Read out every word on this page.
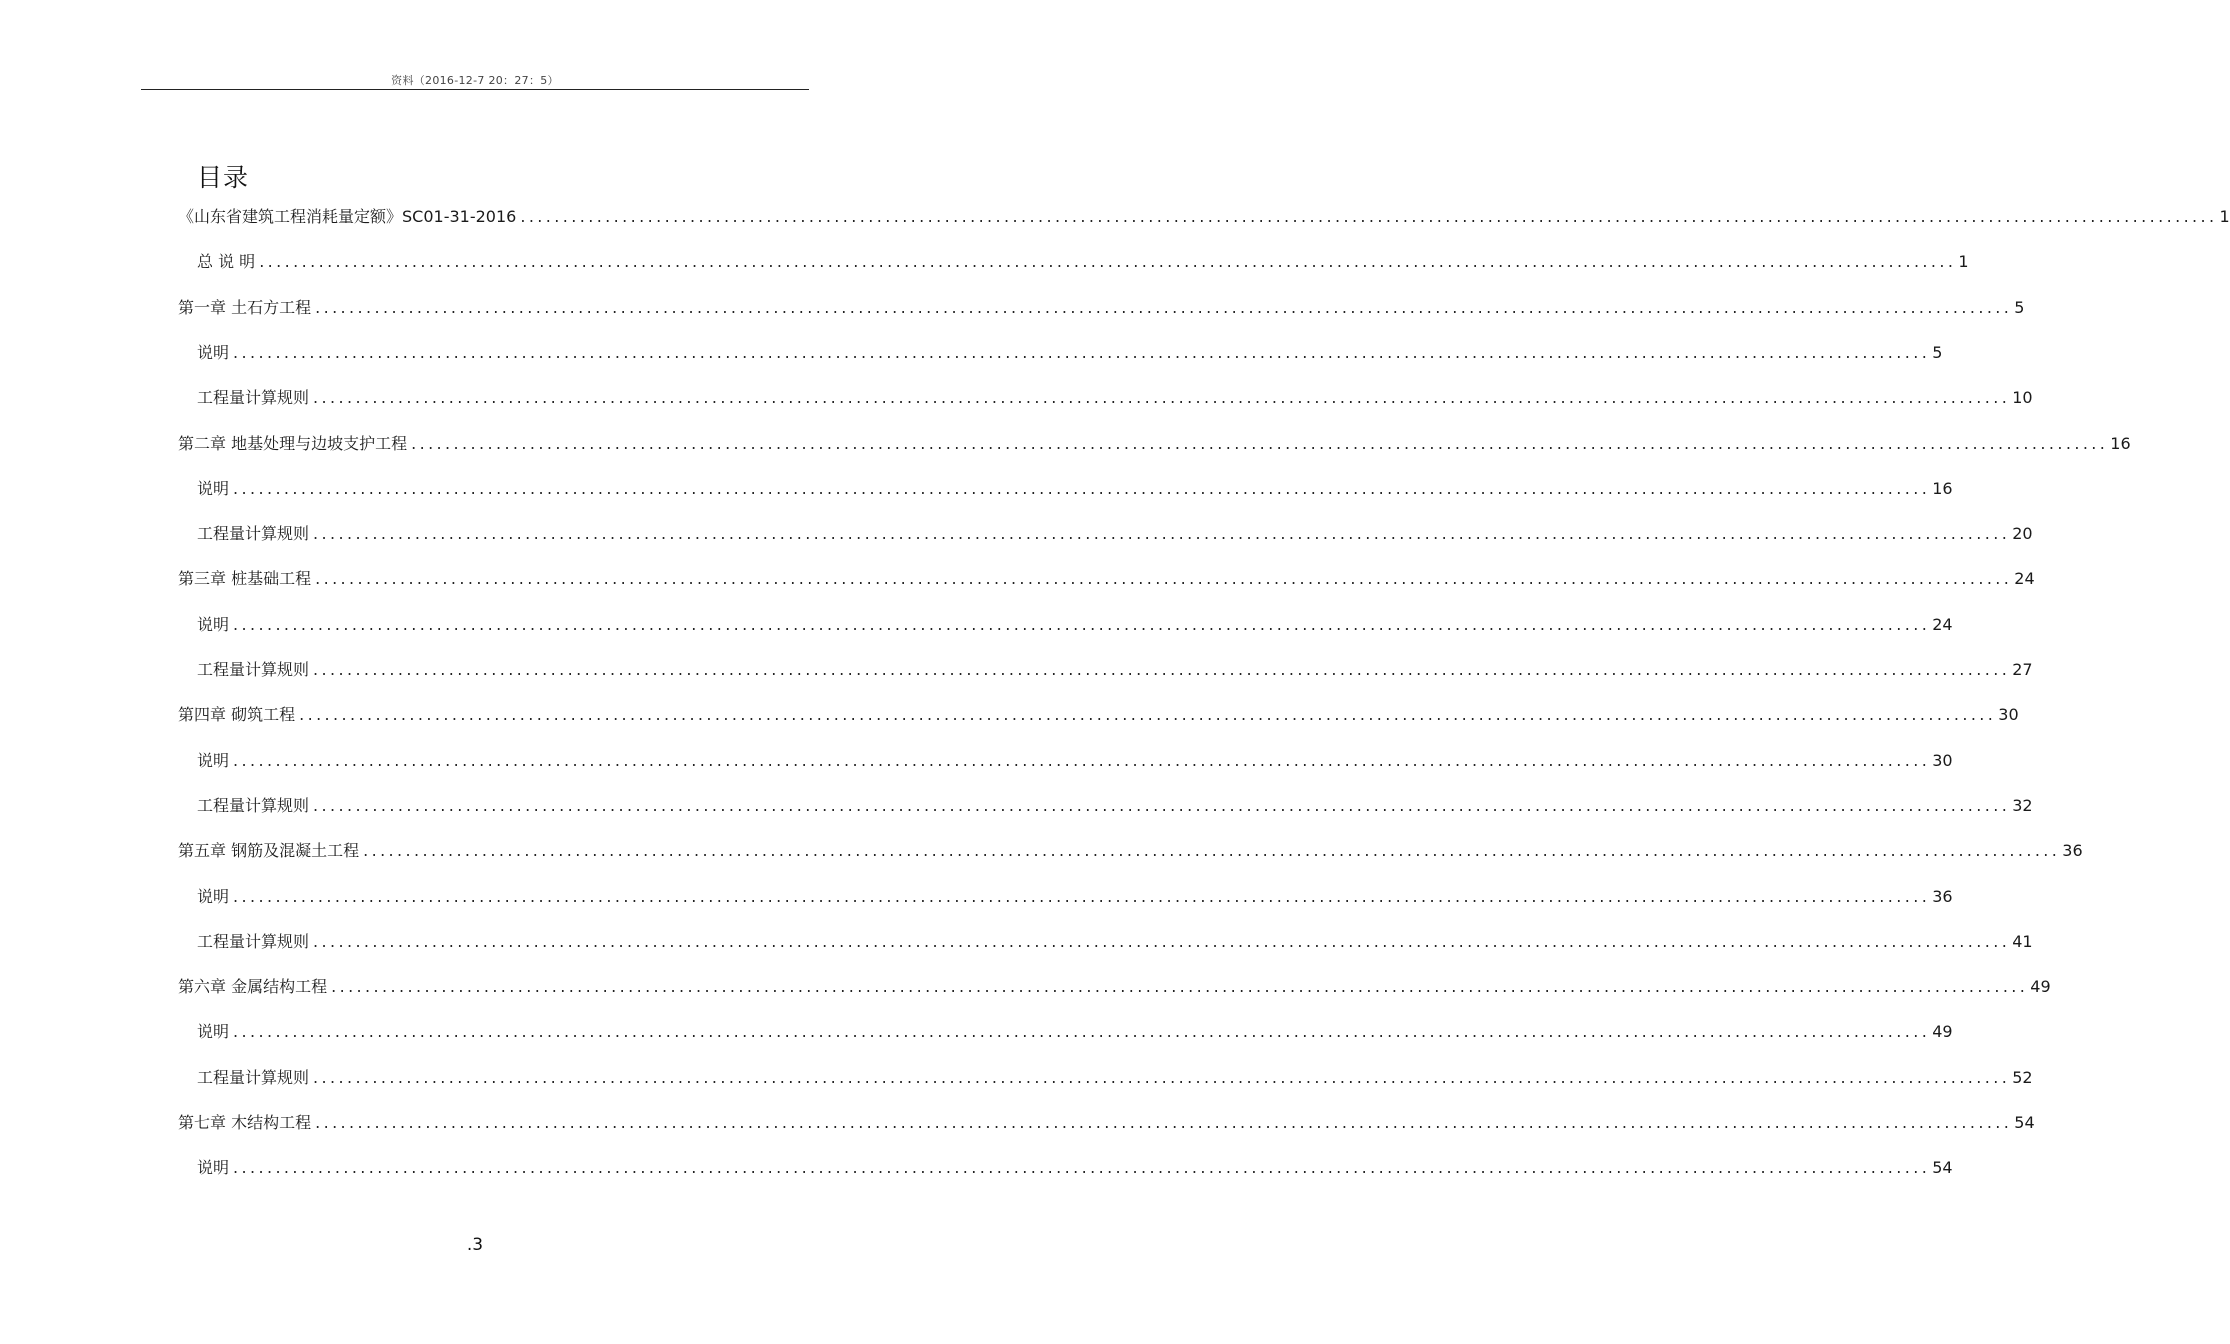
资料（2016-12-7 20：27：5）
目录
《山东省建筑工程消耗量定额》SC01-31-2016 ........................................................................................................................................................................................................ 1
总 说 明 ........................................................................................................................................................................................................ 1
第一章 土石方工程 ........................................................................................................................................................................................................ 5
说明 ........................................................................................................................................................................................................ 5
工程量计算规则 ........................................................................................................................................................................................................ 10
第二章 地基处理与边坡支护工程 ........................................................................................................................................................................................................ 16
说明 ........................................................................................................................................................................................................ 16
工程量计算规则 ........................................................................................................................................................................................................ 20
第三章 桩基础工程 ........................................................................................................................................................................................................ 24
说明 ........................................................................................................................................................................................................ 24
工程量计算规则 ........................................................................................................................................................................................................ 27
第四章 砌筑工程 ........................................................................................................................................................................................................ 30
说明 ........................................................................................................................................................................................................ 30
工程量计算规则 ........................................................................................................................................................................................................ 32
第五章 钢筋及混凝土工程 ........................................................................................................................................................................................................ 36
说明 ........................................................................................................................................................................................................ 36
工程量计算规则 ........................................................................................................................................................................................................ 41
第六章 金属结构工程 ........................................................................................................................................................................................................ 49
说明 ........................................................................................................................................................................................................ 49
工程量计算规则 ........................................................................................................................................................................................................ 52
第七章 木结构工程 ........................................................................................................................................................................................................ 54
说明 ........................................................................................................................................................................................................ 54
.3
